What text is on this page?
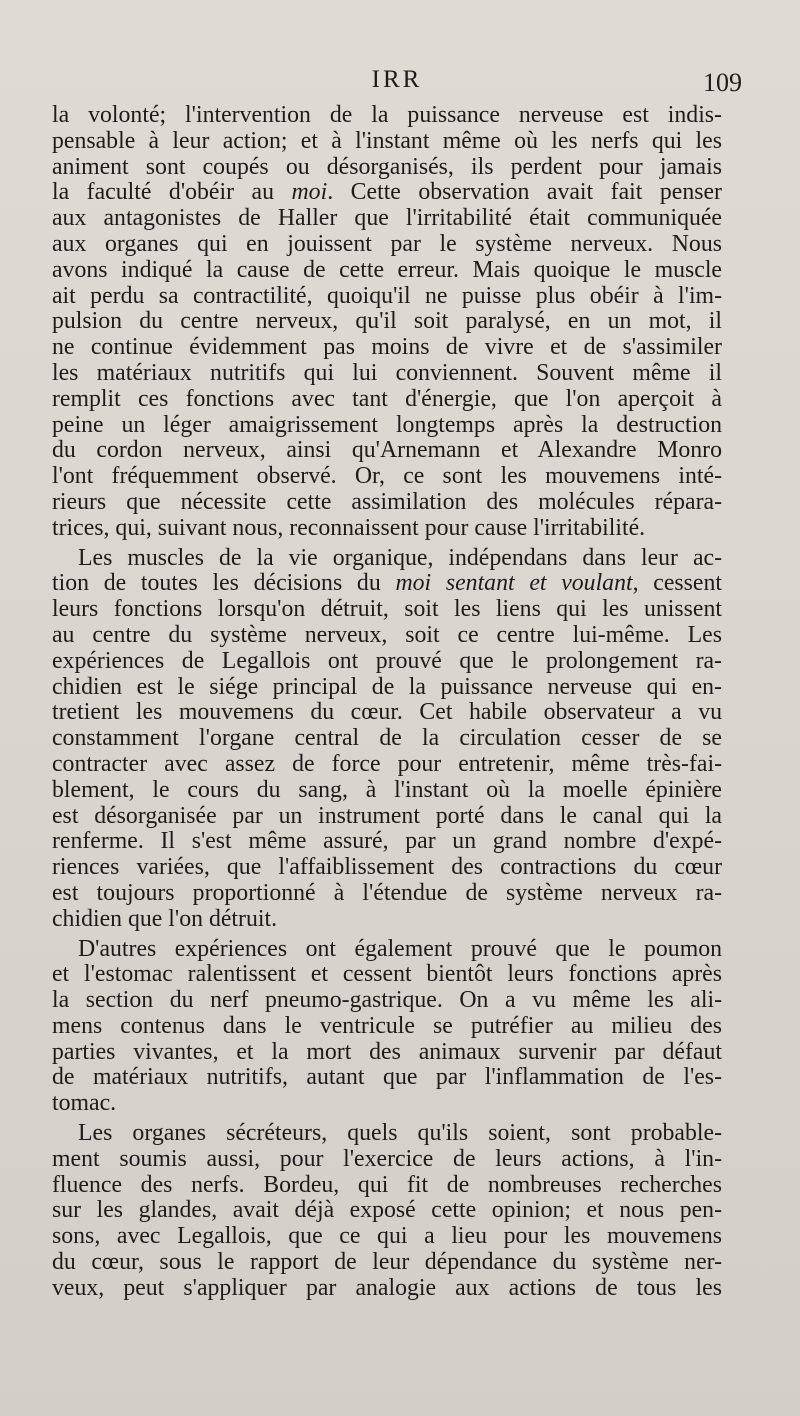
IRR	109

la volonté; l'intervention de la puissance nerveuse est indis-
pensable à leur action; et à l'instant même où les nerfs qui les
animent sont coupés ou désorganisés, ils perdent pour jamais
la faculté d'obéir au moi. Cette observation avait fait penser
aux antagonistes de Haller que l'irritabilité était communiquée
aux organes qui en jouissent par le système nerveux. Nous
avons indiqué la cause de cette erreur. Mais quoique le muscle
ait perdu sa contractilité, quoiqu'il ne puisse plus obéir à l'im-
pulsion du centre nerveux, qu'il soit paralysé, en un mot, il
ne continue évidemment pas moins de vivre et de s'assimiler
les matériaux nutritifs qui lui conviennent. Souvent même il
remplit ces fonctions avec tant d'énergie, que l'on aperçoit à
peine un léger amaigrissement longtemps après la destruction
du cordon nerveux, ainsi qu'Arnemann et Alexandre Monro
l'ont fréquemment observé. Or, ce sont les mouvemens inté-
rieurs que nécessite cette assimilation des molécules répara-
trices, qui, suivant nous, reconnaissent pour cause l'irritabilité.

Les muscles de la vie organique, indépendans dans leur ac-
tion de toutes les décisions du moi sentant et voulant, cessent
leurs fonctions lorsqu'on détruit, soit les liens qui les unissent
au centre du système nerveux, soit ce centre lui-même. Les
expériences de Legallois ont prouvé que le prolongement ra-
chidien est le siége principal de la puissance nerveuse qui en-
tretient les mouvemens du cœur. Cet habile observateur a vu
constamment l'organe central de la circulation cesser de se
contracter avec assez de force pour entretenir, même très-fai-
blement, le cours du sang, à l'instant où la moelle épinière
est désorganisée par un instrument porté dans le canal qui la
renferme. Il s'est même assuré, par un grand nombre d'expé-
riences variées, que l'affaiblissement des contractions du cœur
est toujours proportionné à l'étendue de système nerveux ra-
chidien que l'on détruit.

D'autres expériences ont également prouvé que le poumon
et l'estomac ralentissent et cessent bientôt leurs fonctions après
la section du nerf pneumo-gastrique. On a vu même les ali-
mens contenus dans le ventricule se putréfier au milieu des
parties vivantes, et la mort des animaux survenir par défaut
de matériaux nutritifs, autant que par l'inflammation de l'es-
tomac.

Les organes sécréteurs, quels qu'ils soient, sont probable-
ment soumis aussi, pour l'exercice de leurs actions, à l'in-
fluence des nerfs. Bordeu, qui fit de nombreuses recherches
sur les glandes, avait déjà exposé cette opinion; et nous pen-
sons, avec Legallois, que ce qui a lieu pour les mouvemens
du cœur, sous le rapport de leur dépendance du système ner-
veux, peut s'appliquer par analogie aux actions de tous les
